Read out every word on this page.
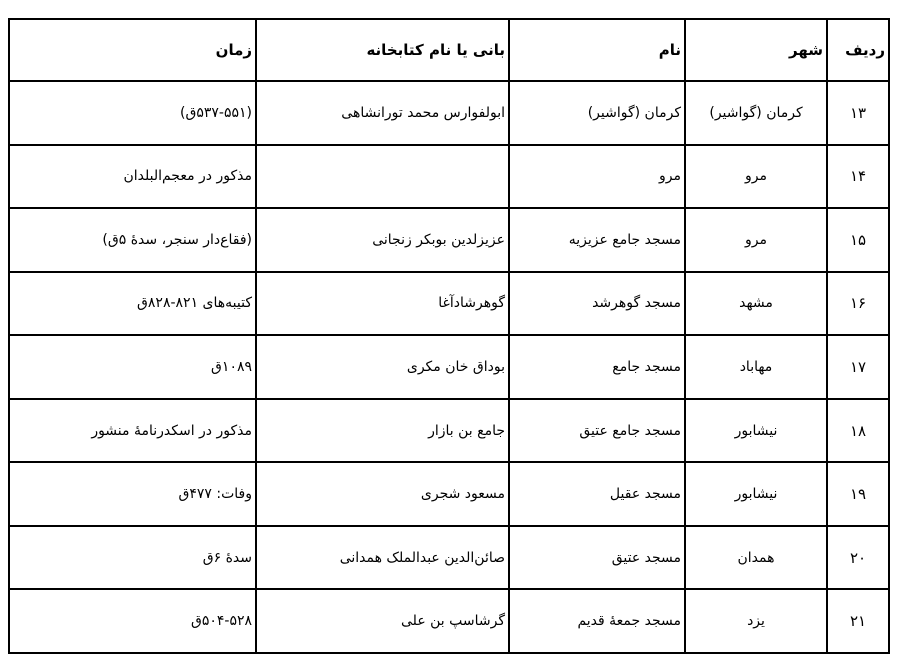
ردیف	شهر	نام	بانی یا نام کتابخانه	زمان
۱۳	کرمان (گواشیر)	کرمان (گواشیر)	ابولفوارس محمد تورانشاهی	(۵۳۷-۵۵۱ق)
۱۴	مرو	مرو		مذکور در معجم‌البلدان
۱۵	مرو	مسجد جامع عزیزیه	عزیزلدین بوبکر زنجانی	(فقاع‌دار سنجر، سدهٔ ۵ق)
۱۶	مشهد	مسجد گوهرشد	گوهرشادآغا	کتیبه‌های ۸۲۱-۸۲۸ق
۱۷	مهاباد	مسجد جامع	بوداق خان مکری	۱۰۸۹ق
۱۸	نیشابور	مسجد جامع عتیق	جامع بن بازار	مذکور در اسکدرنامهٔ منشور
۱۹	نیشابور	مسجد عقیل	مسعود شجری	وفات: ۴۷۷ق
۲۰	همدان	مسجد عتیق	صائن‌الدین عبدالملک همدانی	سدهٔ ۶ق
۲۱	یزد	مسجد جمعهٔ قدیم	گرشاسپ بن علی	۵۰۴-۵۲۸ق
